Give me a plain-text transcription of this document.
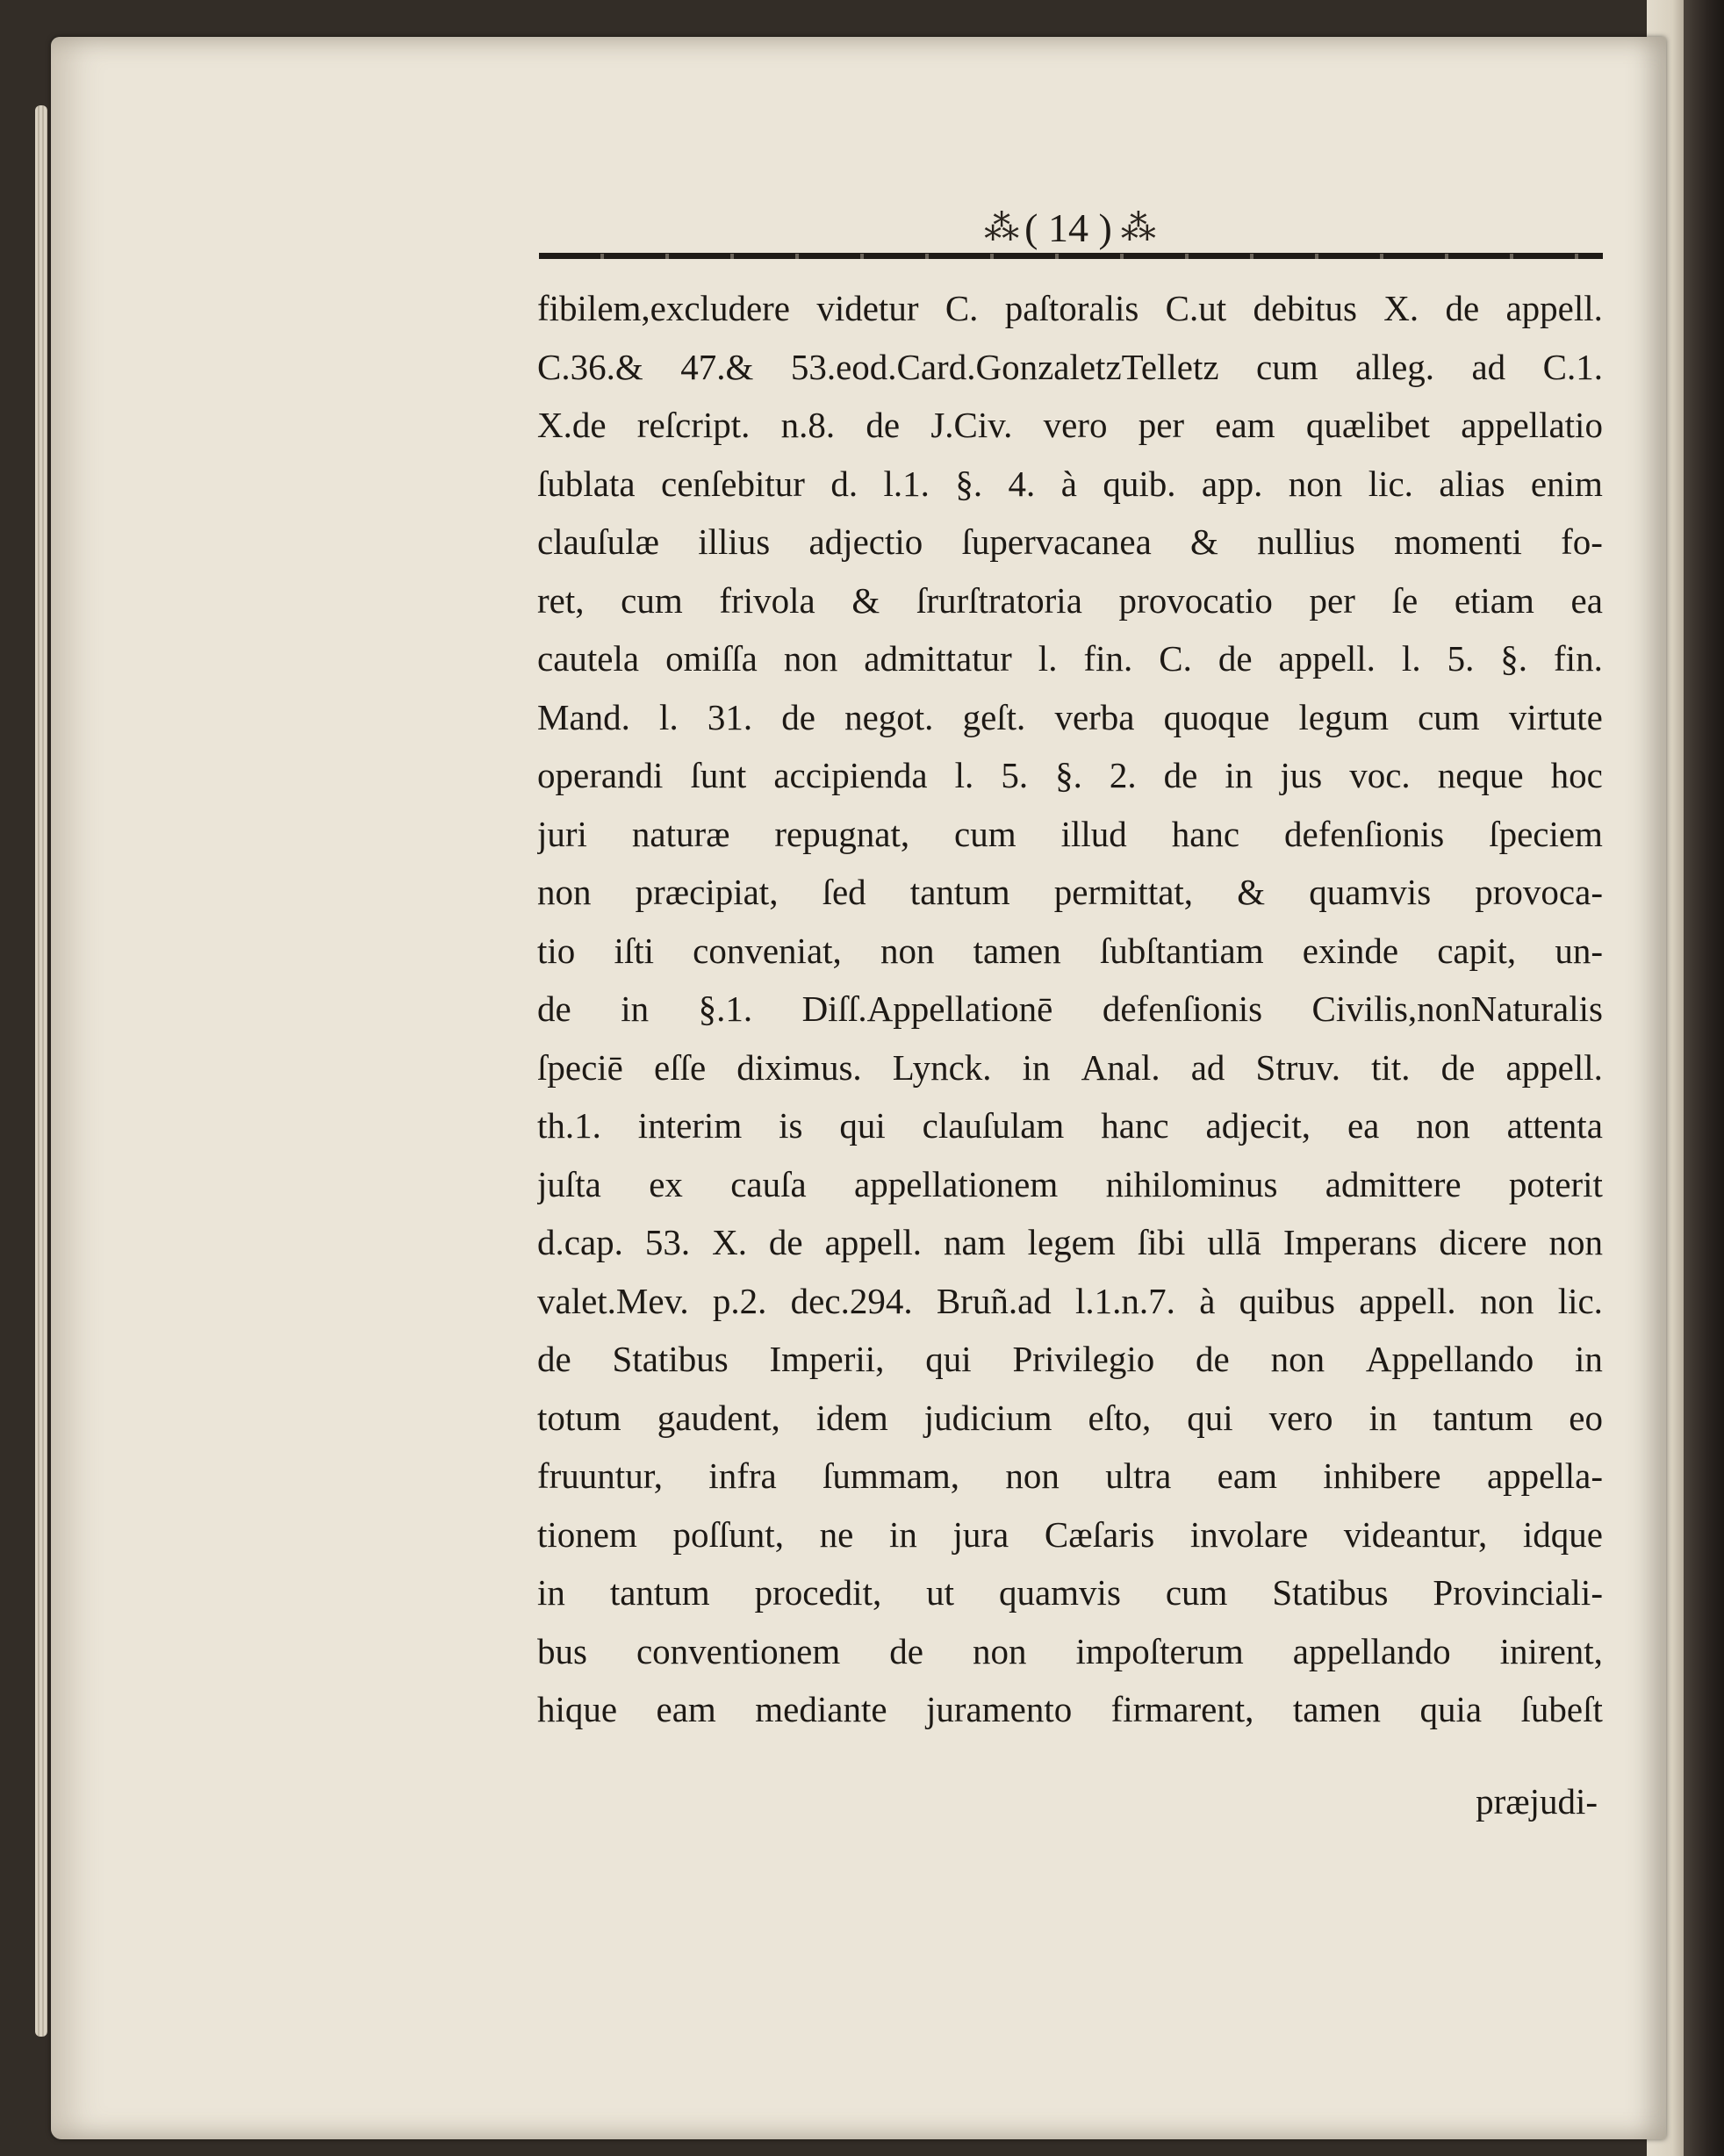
⁂ ( 14 ) ⁂
fibilem,excludere videtur C. paſtoralis C.ut debitus X. de appell.
C.36.& 47.& 53.eod.Card.GonzaletzTelletz cum alleg. ad C.1.
X.de reſcript. n.8. de J.Civ. vero per eam quælibet appellatio
ſublata cenſebitur d. l.1. §. 4. à quib. app. non lic. alias enim
clauſulæ illius adjectio ſupervacanea & nullius momenti fo-
ret, cum frivola & ſrurſtratoria provocatio per ſe etiam ea
cautela omiſſa non admittatur l. fin. C. de appell. l. 5. §. fin.
Mand. l. 31. de negot. geſt. verba quoque legum cum virtute
operandi ſunt accipienda l. 5. §. 2. de in jus voc. neque hoc
juri naturæ repugnat, cum illud hanc defenſionis ſpeciem
non præcipiat, ſed tantum permittat, & quamvis provoca-
tio iſti conveniat, non tamen ſubſtantiam exinde capit, un-
de in §.1. Diſſ.Appellationē defenſionis Civilis,nonNaturalis
ſpeciē eſſe diximus. Lynck. in Anal. ad Struv. tit. de appell.
th.1. interim is qui clauſulam hanc adjecit, ea non attenta
juſta ex cauſa appellationem nihilominus admittere poterit
d.cap. 53. X. de appell. nam legem ſibi ullā Imperans dicere non
valet.Mev. p.2. dec.294. Bruñ.ad l.1.n.7. à quibus appell. non lic.
de Statibus Imperii, qui Privilegio de non Appellando in
totum gaudent, idem judicium eſto, qui vero in tantum eo
fruuntur, infra ſummam, non ultra eam inhibere appella-
tionem poſſunt, ne in jura Cæſaris involare videantur, idque
in tantum procedit, ut quamvis cum Statibus Provinciali-
bus conventionem de non impoſterum appellando inirent,
hique eam mediante juramento firmarent, tamen quia ſubeſt
præjudi-
